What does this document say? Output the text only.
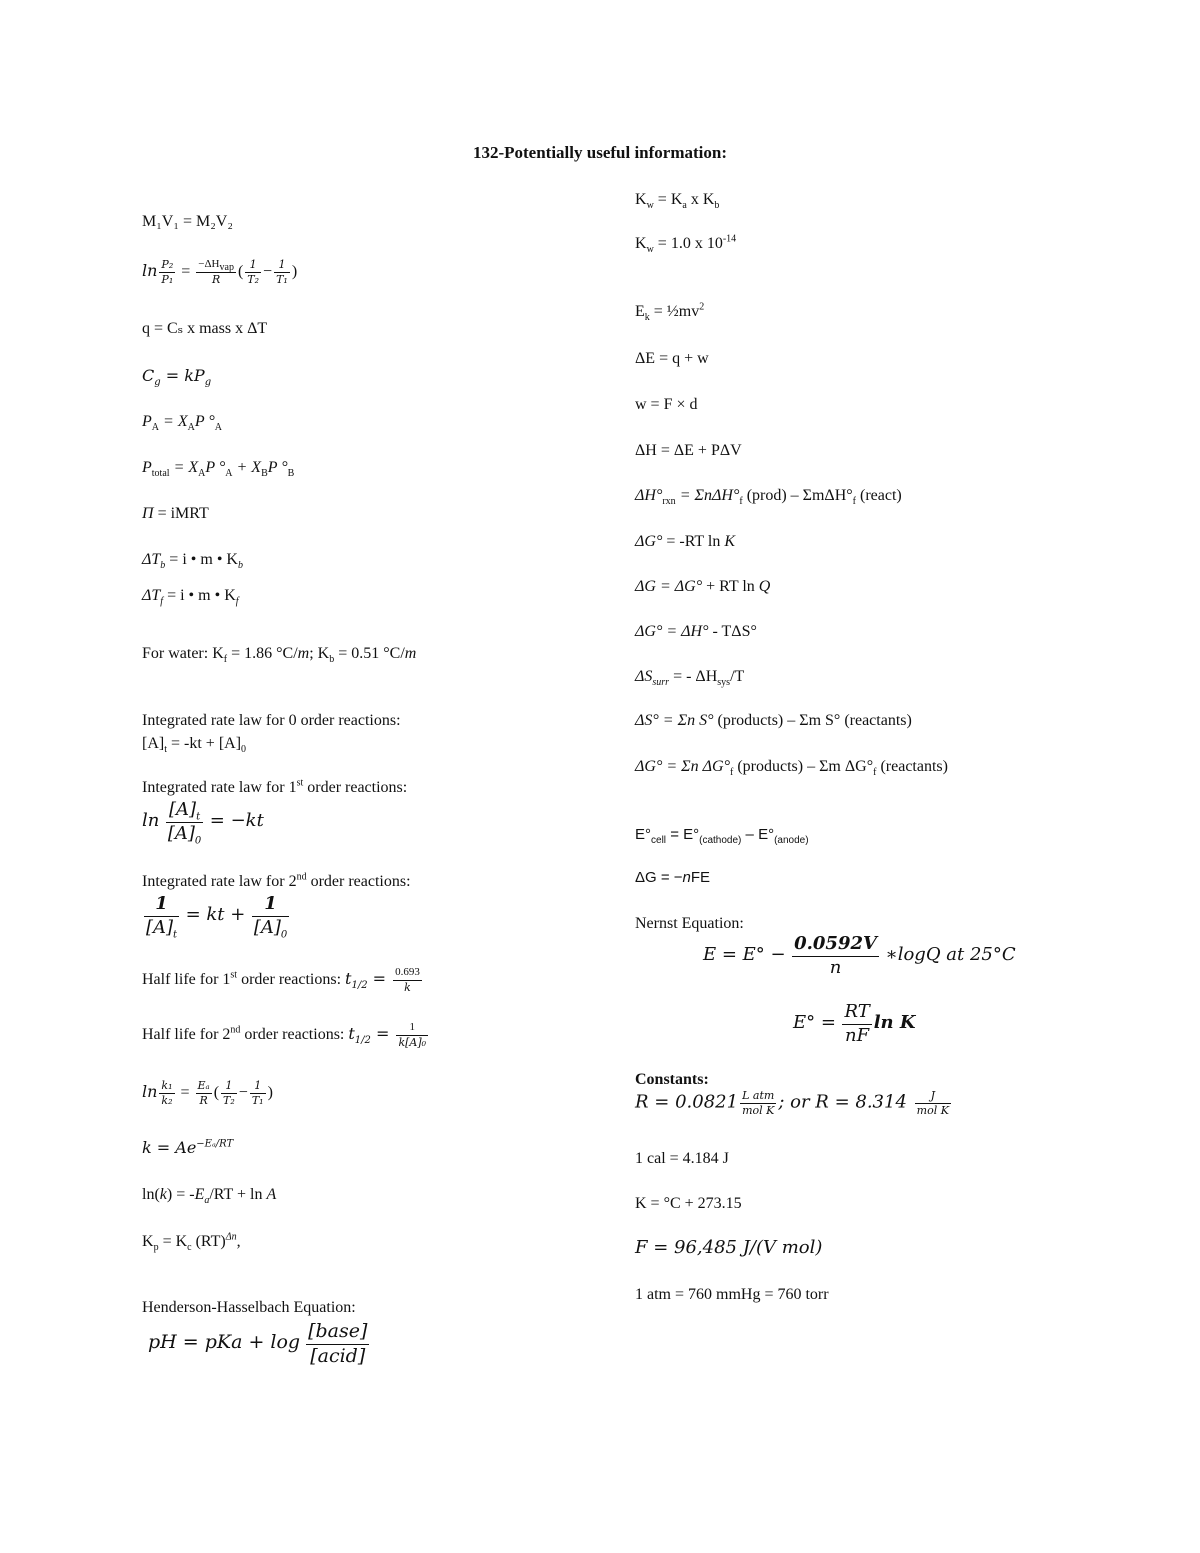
132-Potentially useful information:
M₁V₁ = M₂V₂
$\ln \frac{\text{P₂}}{\text{P₁}} = \frac{-\Delta H_{vap}}{R}$ ( $\frac{1}{\text{T₂}} - \frac{1}{\text{T₁}}$ )
q = Cₛ x mass x ΔT
$C_g = kP_g$
$P_A = X_AP$ $^\circ_A$
$P_{total} = X_AP$ $^\circ_A + X_BP$ $^\circ_B$
Π = iMRT
$\Delta T_b = i$ • m • $K_b$
$\Delta T_f = i$ • m • $K_f$
For water: $K_f = 1.86$ °C/m; $K_b = 0.51$ °C/m
Integrated rate law for 0 order reactions:
$[A]_t = -kt + [A]_0$
Integrated rate law for 1st order reactions:
$\ln \frac{[A]_t}{[A]_0} = -kt$
Integrated rate law for 2nd order reactions:
$\frac{1}{[A]_t}$ = kt + $\frac{1}{[A]_0}$
Half life for 1st order reactions: $t_{1/2} = \frac{0.693}{k}$
Half life for 2nd order reactions: $t_{1/2} = \frac{1}{\text{k[A]₀}}$
$\ln \frac{\text{k₁}}{\text{k₂}} = \frac{\text{Eₐ}}{R}$ ( $\frac{1}{\text{T₂}} - \frac{1}{\text{T₁}}$ )
$k = Ae^{-E_a/RT}$
$\ln(k) = -E_a/RT + \ln A$
$K_p = K_c$ (RT)$^{\Delta n}$,
Henderson-Hasselbach Equation:
pH = pKa + $\log \frac{\text{[base]}}{\text{[acid]}}$
$K_w = K_a$ x $K_b$
$K_w = 1.0$ x $10^{-14}$
$E_k$ = $\frac{1}{2}mv^2$
ΔE = q + w
w = F × d
ΔH = ΔE + PΔV
$\Delta H^\circ_{rxn} = \Sigma n\Delta H^\circ_f$ (prod) – $\Sigma m\Delta H^\circ_f$ (react)
ΔG° = -RT ln K
ΔG = ΔG° + RT ln Q
ΔG° = ΔH° - TΔS°
$\Delta S_{surr}$ = - $\Delta H_{sys}/T$
ΔS° = Σn S° (products) – Σm S° (reactants)
ΔG° = Σn $\Delta G^\circ_f$ (products) – Σm $\Delta G^\circ_f$ (reactants)
$E^\circ_{cell} = E^\circ_{(cathode)} - E^\circ_{(anode)}$
ΔG = −nFE
Nernst Equation:
$E = E^\circ - \frac{0.0592V}{n}$ ∗logQ at 25°C
$E^\circ = \frac{RT}{nF}$ ln K
Constants:
$R = 0.0821 \frac{\text{L atm}}{\text{mol K}}$ ; or $R = 8.314 \frac{J}{\text{mol K}}$
1 cal = 4.184 J
K = °C + 273.15
F = 96,485 J/(V mol)
1 atm = 760 mmHg = 760 torr
